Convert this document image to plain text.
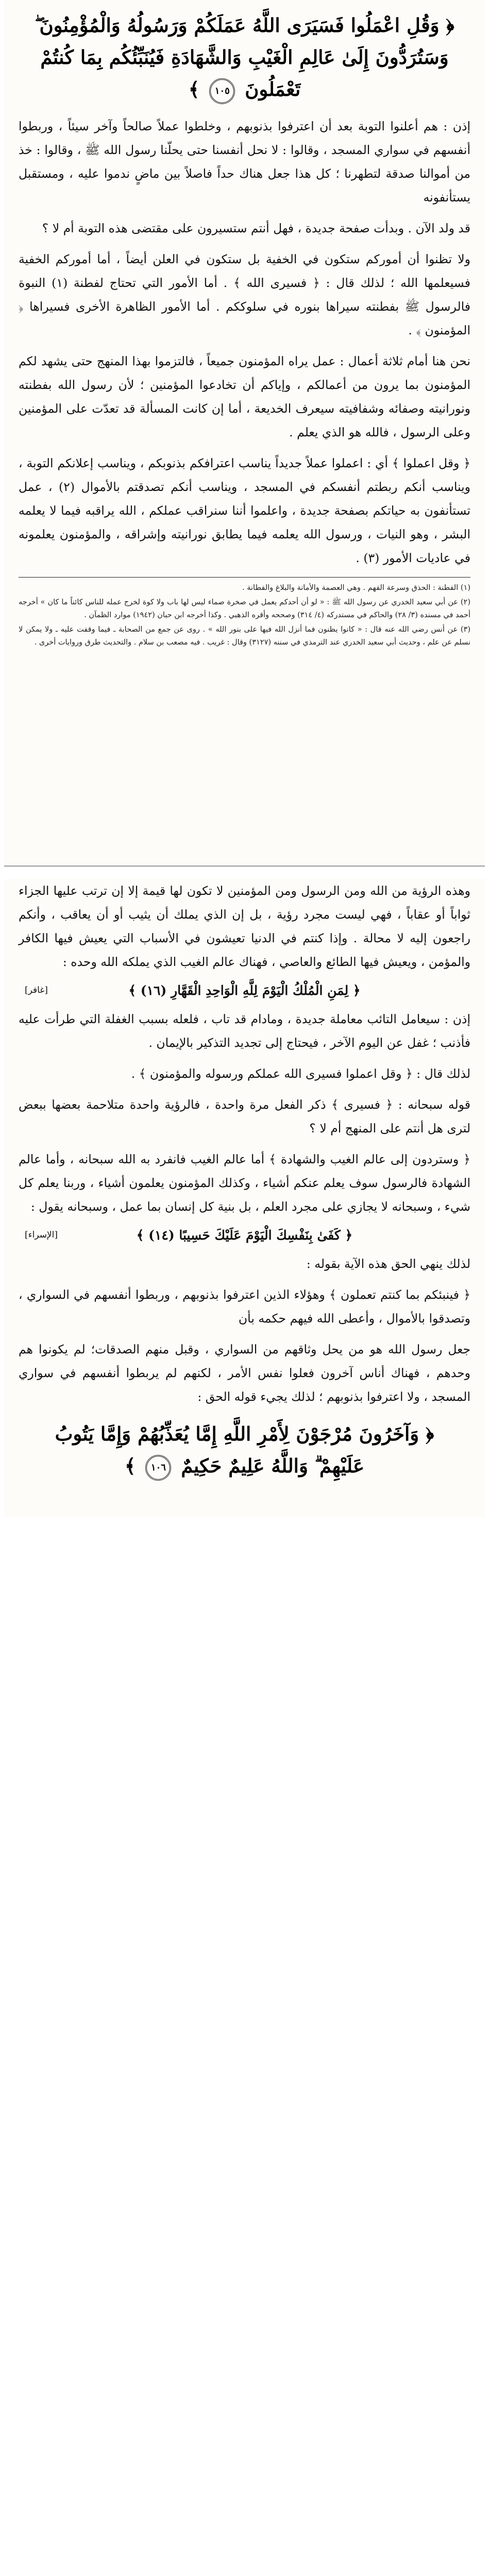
﴿ وَقُلِ اعْمَلُوا فَسَيَرَى اللَّهُ عَمَلَكُمْ وَرَسُولُهُ وَالْمُؤْمِنُونَ ۖ وَسَتُرَدُّونَ إِلَىٰ عَالِمِ الْغَيْبِ وَالشَّهَادَةِ فَيُنَبِّئُكُم بِمَا كُنتُمْ تَعْمَلُونَ ١٠٥ ﴾
إذن : هم أعلنوا التوبة بعد أن اعترفوا بذنوبهم ، وخلطوا عملاً صالحاً وآخر سيئاً ، وربطوا أنفسهم في سواري المسجد ، وقالوا : لا نحل أنفسنا حتى يحلّنا رسول الله ﷺ ، وقالوا : خذ من أموالنا صدقة لتطهرنا ؛ كل هذا جعل هناك حداً فاصلاً بين ماضٍ ندموا عليه ، ومستقبل يستأنفونه
قد ولد الآن . وبدأت صفحة جديدة ، فهل أنتم ستسيرون على مقتضى هذه التوبة أم لا ؟
ولا تظنوا أن أموركم ستكون في الخفية بل ستكون في العلن أيضاً ، أما أموركم الخفية فسيعلمها الله ؛ لذلك قال : ﴿ فسيرى الله ﴾ . أما الأمور التي تحتاج لفطنة (١) النبوة فالرسول ﷺ بفطنته سيراها بنوره في سلوككم . أما الأمور الظاهرة الأخرى فسيراها ﴿ المؤمنون ﴾ .
نحن هنا أمام ثلاثة أعمال : عمل يراه المؤمنون جميعاً ، فالتزموا بهذا المنهج حتى يشهد لكم المؤمنون بما يرون من أعمالكم ، وإياكم أن تخادعوا المؤمنين ؛ لأن رسول الله بفطنته ونورانيته وصفائه وشفافيته سيعرف الخديعة ، أما إن كانت المسألة قد تعدّت على المؤمنين وعلى الرسول ، فالله هو الذي يعلم .
﴿ وقل اعملوا ﴾ أي : اعملوا عملاً جديداً يناسب اعترافكم بذنوبكم ، ويناسب إعلانكم التوبة ، ويناسب أنكم ربطتم أنفسكم في المسجد ، ويناسب أنكم تصدقتم بالأموال (٢) ، عمل تستأنفون به حياتكم بصفحة جديدة ، واعلموا أننا سنراقب عملكم ، الله يراقبه فيما لا يعلمه البشر ، وهو النيات ، ورسول الله يعلمه فيما يطابق نورانيته وإشراقه ، والمؤمنون يعلمونه في عاديات الأمور (٣) .
(١) الفطنة : الحذق وسرعة الفهم . وهي العصمة والأمانة والبلاغ والفطانة .
(٢) عن أبي سعيد الخدري عن رسول الله ﷺ : « لو أن أحدكم يعمل في صخرة صماء ليس لها باب ولا كوة لخرج عمله للناس كائناً ما كان » أخرجه أحمد في مسنده (٣/ ٢٨) والحاكم في مستدركه (٤/ ٣١٤) وصححه وأقره الذهبي . وكذا أخرجه ابن حبان (١٩٤٢) موارد الظمآن .
(٣) عن أنس رضي الله عنه قال : « كانوا يظنون فما أنزل الله فيها على بنور الله » . روى عن جمع من الصحابة ـ فيما وقفت عليه ـ ولا يمكن لا نسلم عن علم ، وحديث أبي سعيد الخدري عند الترمذي في سننه (٣١٢٧) وقال : غريب . فيه مصعب بن سلام . والتحديث طرق وروايات أخرى .
وهذه الرؤية من الله ومن الرسول ومن المؤمنين لا تكون لها قيمة إلا إن ترتب عليها الجزاء ثواباً أو عقاباً ، فهي ليست مجرد رؤية ، بل إن الذي يملك أن يثيب أو أن يعاقب ، وأنكم راجعون إليه لا محالة . وإذا كنتم في الدنيا تعيشون في الأسباب التي يعيش فيها الكافر والمؤمن ، ويعيش فيها الطائع والعاصي ، فهناك عالم الغيب الذي يملكه الله وحده :
﴿ لِمَنِ الْمُلْكُ الْيَوْمَ لِلَّهِ الْوَاحِدِ الْقَهَّارِ (١٦) ﴾
[غافر]
إذن : سيعامل التائب معاملة جديدة ، ومادام قد تاب ، فلعله بسبب الغفلة التي طرأت عليه فأذنب ؛ غفل عن اليوم الآخر ، فيحتاج إلى تجديد التذكير بالإيمان .
لذلك قال : ﴿ وقل اعملوا فسيرى الله عملكم ورسوله والمؤمنون ﴾ .
قوله سبحانه : ﴿ فسيرى ﴾ ذكر الفعل مرة واحدة ، فالرؤية واحدة متلاحمة بعضها ببعض لترى هل أنتم على المنهج أم لا ؟
﴿ وستردون إلى عالم الغيب والشهادة ﴾ أما عالم الغيب فانفرد به الله سبحانه ، وأما عالم الشهادة فالرسول سوف يعلم عنكم أشياء ، وكذلك المؤمنون يعلمون أشياء ، وربنا يعلم كل شيء ، وسبحانه لا يجازي على مجرد العلم ، بل بنية كل إنسان بما عمل ، وسبحانه يقول :
﴿ كَفَىٰ بِنَفْسِكَ الْيَوْمَ عَلَيْكَ حَسِيبًا (١٤) ﴾
[الإسراء]
لذلك ينهي الحق هذه الآية بقوله :
﴿ فينبئكم بما كنتم تعملون ﴾ وهؤلاء الذين اعترفوا بذنوبهم ، وربطوا أنفسهم في السواري ، وتصدقوا بالأموال ، وأعطى الله فيهم حكمه بأن
جعل رسول الله هو من يحل وثاقهم من السواري ، وقبل منهم الصدقات؛ لم يكونوا هم وحدهم ، فهناك أناس آخرون فعلوا نفس الأمر ، لكنهم لم يربطوا أنفسهم في سواري المسجد ، ولا اعترفوا بذنوبهم ؛ لذلك يجيء قوله الحق :
﴿ وَآخَرُونَ مُرْجَوْنَ لِأَمْرِ اللَّهِ إِمَّا يُعَذِّبُهُمْ وَإِمَّا يَتُوبُ عَلَيْهِمْ ۗ وَاللَّهُ عَلِيمٌ حَكِيمٌ ١٠٦ ﴾
